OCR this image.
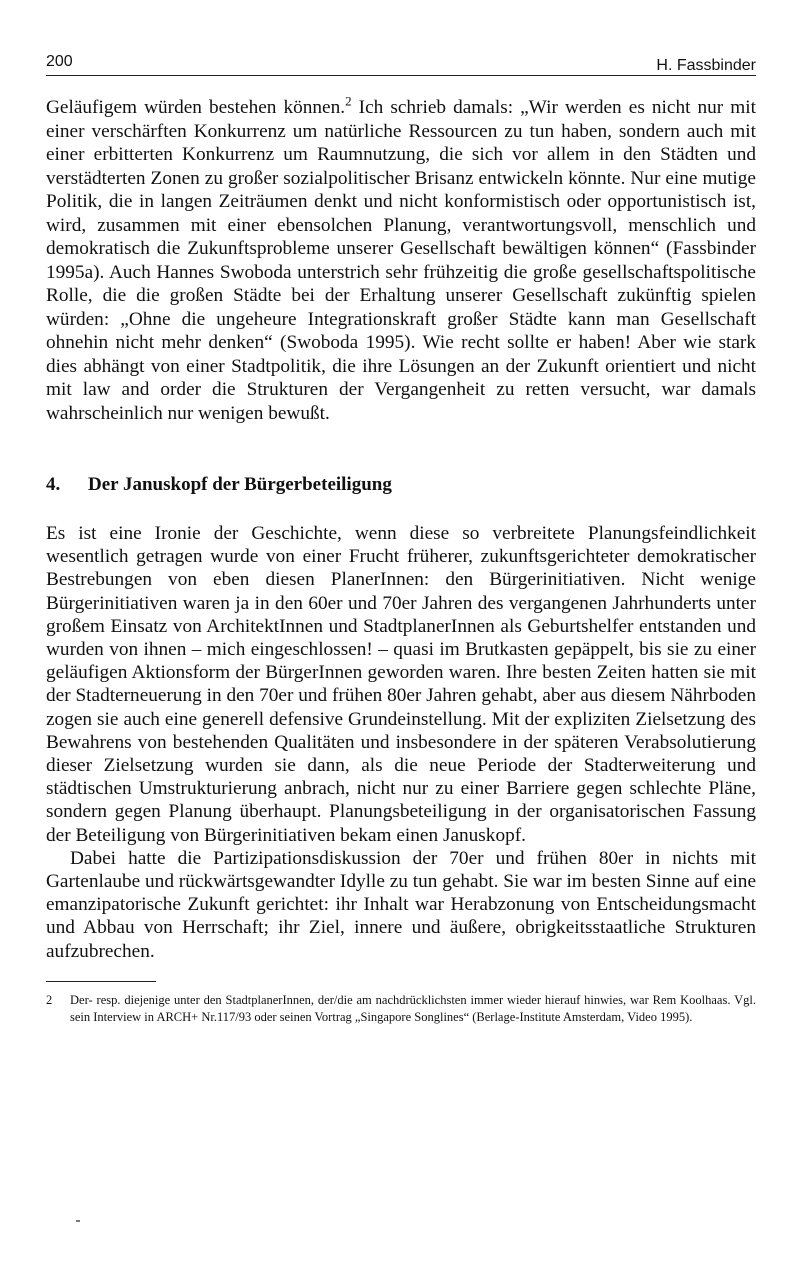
200	H. Fassbinder

Geläufigem würden bestehen können.$^2$ Ich schrieb damals: „Wir werden es nicht nur mit einer verschärften Konkurrenz um natürliche Ressourcen zu tun haben, sondern auch mit einer erbitterten Konkurrenz um Raumnutzung, die sich vor allem in den Städten und verstädterten Zonen zu großer sozialpolitischer Brisanz entwickeln könnte. Nur eine mutige Politik, die in langen Zeiträumen denkt und nicht konformistisch oder opportunistisch ist, wird, zusammen mit einer ebensolchen Planung, verantwortungsvoll, menschlich und demokratisch die Zukunftsprobleme unserer Gesellschaft bewältigen können“ (Fassbinder 1995a). Auch Hannes Swoboda unterstrich sehr frühzeitig die große gesellschaftspolitische Rolle, die die großen Städte bei der Erhaltung unserer Gesellschaft zukünftig spielen würden: „Ohne die ungeheure Integrationskraft großer Städte kann man Gesellschaft ohnehin nicht mehr denken“ (Swoboda 1995). Wie recht sollte er haben! Aber wie stark dies abhängt von einer Stadtpolitik, die ihre Lösungen an der Zukunft orientiert und nicht mit law and order die Strukturen der Vergangenheit zu retten versucht, war damals wahrscheinlich nur wenigen bewußt.

4. Der Januskopf der Bürgerbeteiligung

Es ist eine Ironie der Geschichte, wenn diese so verbreitete Planungsfeindlichkeit wesentlich getragen wurde von einer Frucht früherer, zukunftsgerichteter demokratischer Bestrebungen von eben diesen PlanerInnen: den Bürgerinitiativen. Nicht wenige Bürgerinitiativen waren ja in den 60er und 70er Jahren des vergangenen Jahrhunderts unter großem Einsatz von ArchitektInnen und StadtplanerInnen als Geburtshelfer entstanden und wurden von ihnen – mich eingeschlossen! – quasi im Brutkasten gepäppelt, bis sie zu einer geläufigen Aktionsform der BürgerInnen geworden waren. Ihre besten Zeiten hatten sie mit der Stadterneuerung in den 70er und frühen 80er Jahren gehabt, aber aus diesem Nährboden zogen sie auch eine generell defensive Grundeinstellung. Mit der expliziten Zielsetzung des Bewahrens von bestehenden Qualitäten und insbesondere in der späteren Verabsolutierung dieser Zielsetzung wurden sie dann, als die neue Periode der Stadterweiterung und städtischen Umstrukturierung anbrach, nicht nur zu einer Barriere gegen schlechte Pläne, sondern gegen Planung überhaupt. Planungsbeteiligung in der organisatorischen Fassung der Beteiligung von Bürgerinitiativen bekam einen Januskopf.

Dabei hatte die Partizipationsdiskussion der 70er und frühen 80er in nichts mit Gartenlaube und rückwärtsgewandter Idylle zu tun gehabt. Sie war im besten Sinne auf eine emanzipatorische Zukunft gerichtet: ihr Inhalt war Herabzonung von Entscheidungsmacht und Abbau von Herrschaft; ihr Ziel, innere und äußere, obrigkeitsstaatliche Strukturen aufzubrechen.

2 Der- resp. diejenige unter den StadtplanerInnen, der/die am nachdrücklichsten immer wieder hierauf hinwies, war Rem Koolhaas. Vgl. sein Interview in ARCH+ Nr.117/93 oder seinen Vortrag „Singapore Songlines“ (Berlage-Institute Amsterdam, Video 1995).
